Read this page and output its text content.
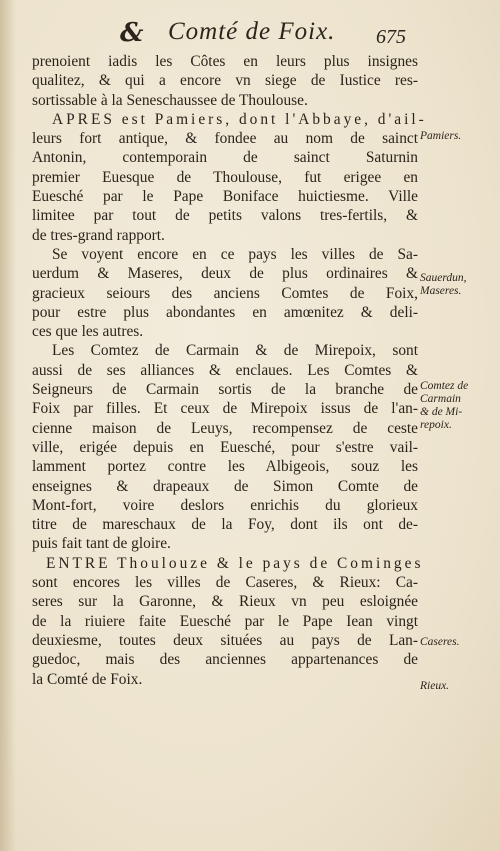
& Comté de Foix. 675
prenoient iadis les Côtes en leurs plus insignes
qualitez, & qui a encore vn siege de Iustice res-
sortissable à la Seneschaussee de Thoulouse.
APRES est Pamiers, dont l'Abbaye, d'ail-
leurs fort antique, & fondee au nom de sainct
Antonin, contemporain de sainct Saturnin
premier Euesque de Thoulouse, fut erigee en
Euesché par le Pape Boniface huictiesme. Ville
limitee par tout de petits valons tres-fertils, &
de tres-grand rapport.
Se voyent encore en ce pays les villes de Sa-
uerdum & Maseres, deux de plus ordinaires &
gracieux seiours des anciens Comtes de Foix,
pour estre plus abondantes en amœnitez & deli-
ces que les autres.
Les Comtez de Carmain & de Mirepoix, sont
aussi de ses alliances & enclaues. Les Comtes &
Seigneurs de Carmain sortis de la branche de
Foix par filles. Et ceux de Mirepoix issus de l'an-
cienne maison de Leuys, recompensez de ceste
ville, erigée depuis en Euesché, pour s'estre vail-
lamment portez contre les Albigeois, souz les
enseignes & drapeaux de Simon Comte de
Mont-fort, voire deslors enrichis du glorieux
titre de mareschaux de la Foy, dont ils ont de-
puis fait tant de gloire.
ENTRE Thoulouze & le pays de Cominges
sont encores les villes de Caseres, & Rieux: Ca-
seres sur la Garonne, & Rieux vn peu esloignée
de la riuiere faite Euesché par le Pape Iean vingt
deuxiesme, toutes deux situées au pays de Lan-
guedoc, mais des anciennes appartenances de
la Comté de Foix.
Pamiers.
Sauerdun,
Maseres.
Comtez de
Carmain
& de Mi-
repoix.
Caseres.
Rieux.
